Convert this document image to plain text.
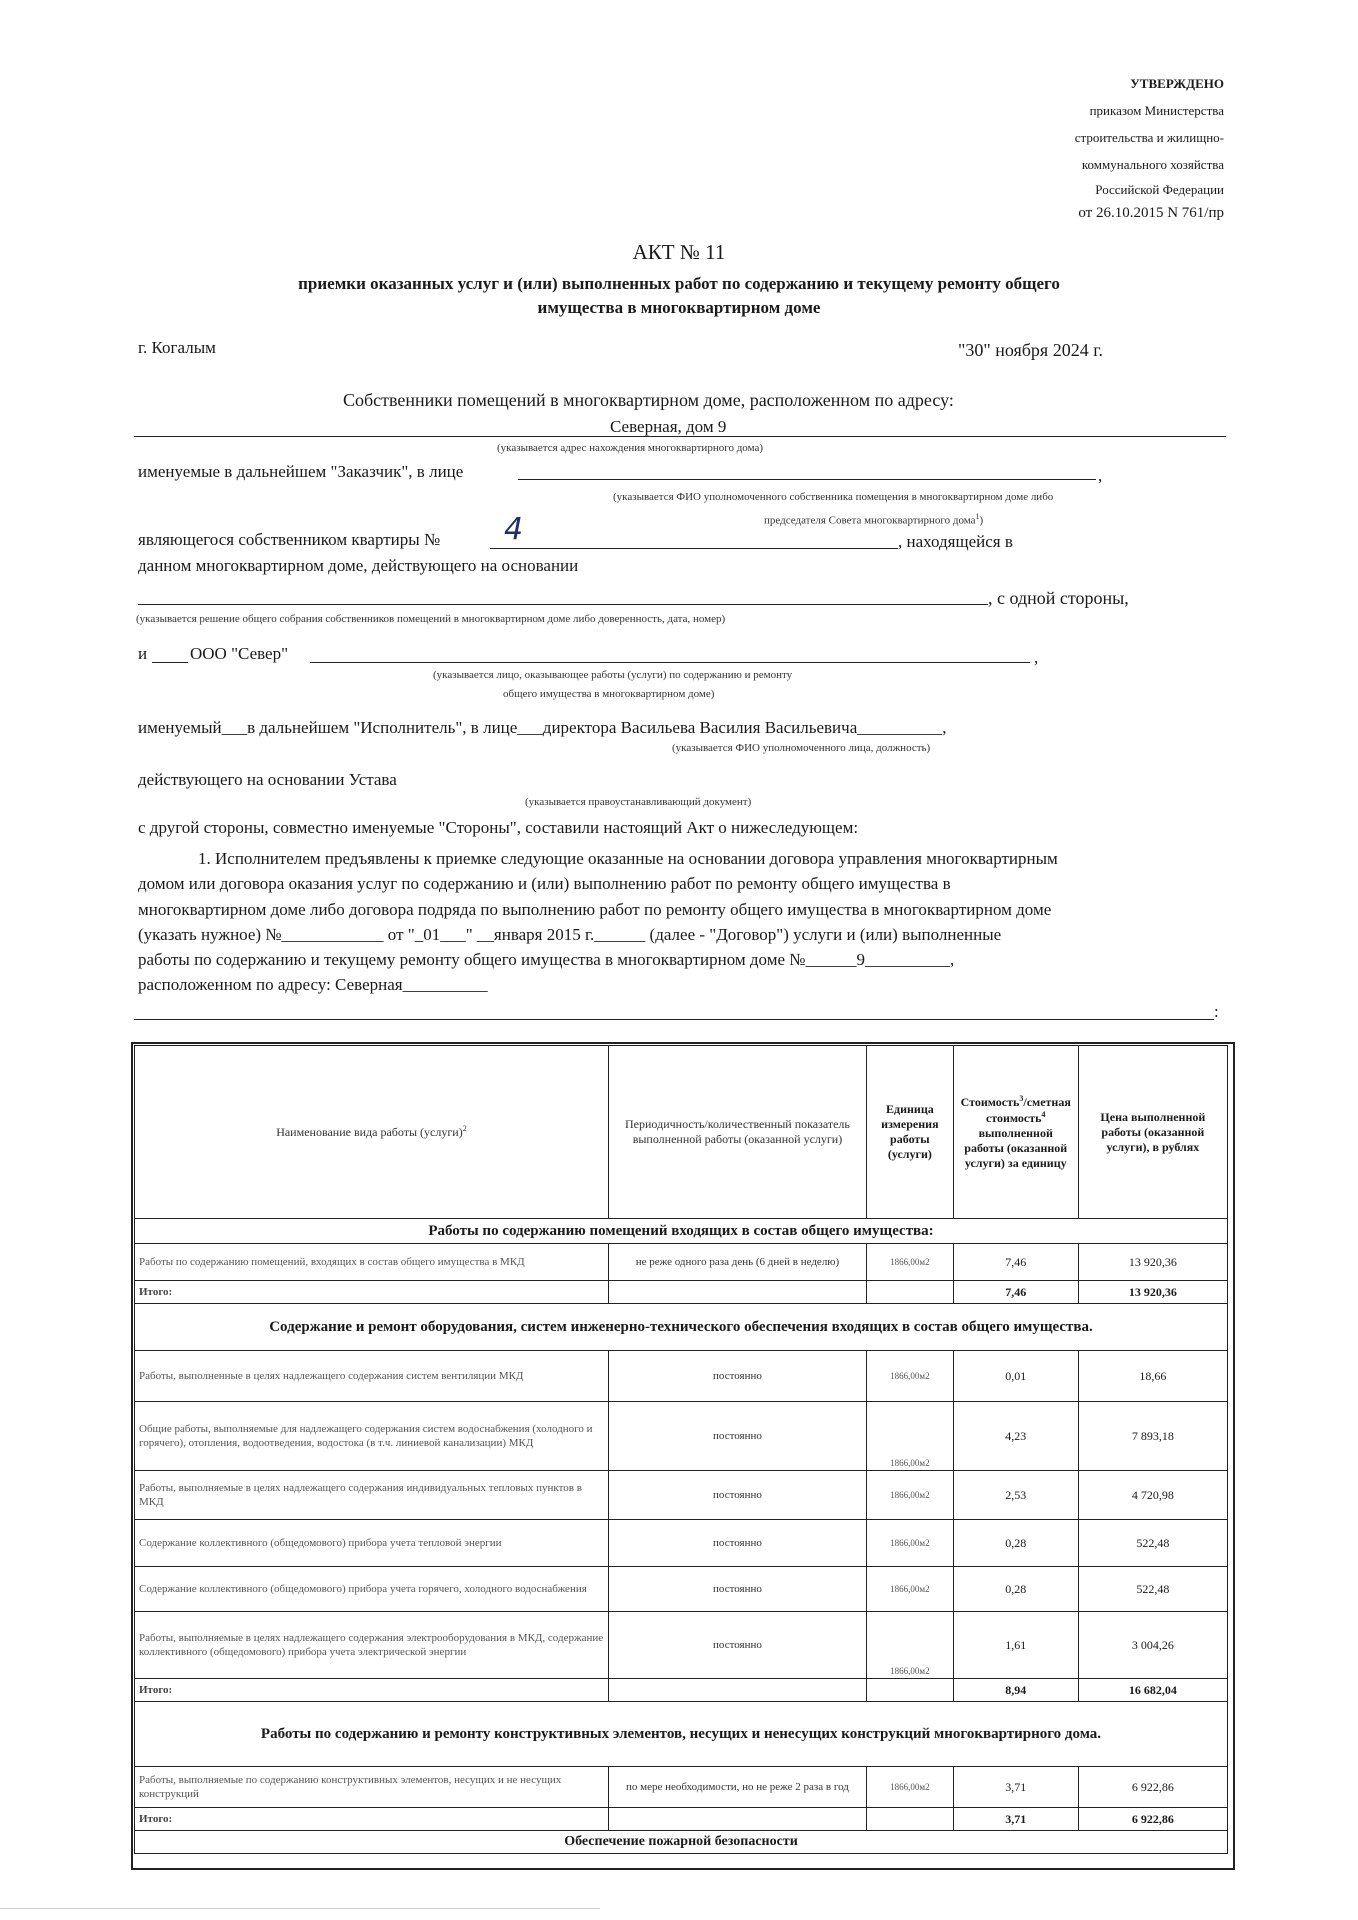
УТВЕРЖДЕНО
приказом Министерства
строительства и жилищно-
коммунального хозяйства
Российской Федерации
от 26.10.2015 N 761/пр
АКТ № 11
приемки оказанных услуг и (или) выполненных работ по содержанию и текущему ремонту общего
имущества в многоквартирном доме
г. Когалым	"30" ноября 2024 г.
Собственники помещений в многоквартирном доме, расположенном по адресу:
Северная, дом 9
(указывается адрес нахождения многоквартирного дома)
именуемые в дальнейшем "Заказчик", в лице	,
(указывается ФИО уполномоченного собственника помещения в многоквартирном доме либо
председателя Совета многоквартирного дома$^1$)
являющегося собственником квартиры № 4	, находящейся в
данном многоквартирном доме, действующего на основании
, с одной стороны,
(указывается решение общего собрания собственников помещений в многоквартирном доме либо доверенность, дата, номер)
и	ООО "Север"	,
(указывается лицо, оказывающее работы (услуги) по содержанию и ремонту
общего имущества в многоквартирном доме)
именуемый___в дальнейшем "Исполнитель", в лице___директора Васильева Василия Васильевича__________,
(указывается ФИО уполномоченного лица, должность)
действующего на основании Устава
(указывается правоустанавливающий документ)
с другой стороны, совместно именуемые "Стороны", составили настоящий Акт о нижеследующем:
1. Исполнителем предъявлены к приемке следующие оказанные на основании договора управления многоквартирным
домом или договора оказания услуг по содержанию и (или) выполнению работ по ремонту общего имущества в
многоквартирном доме либо договора подряда по выполнению работ по ремонту общего имущества в многоквартирном доме
(указать нужное) №____________ от "_01___" __января 2015 г.______ (далее - "Договор") услуги и (или) выполненные
работы по содержанию и текущему ремонту общего имущества в многоквартирном доме №______9__________,
расположенном по адресу: Северная__________
:
Наименование вида работы (услуги)$^2$	Периодичность/количественный показатель выполненной работы (оказанной услуги)	Единица измерения работы (услуги)	Стоимость$^3$/сметная стоимость$^4$ выполненной работы (оказанной услуги) за единицу	Цена выполненной работы (оказанной услуги), в рублях
Работы по содержанию помещений входящих в состав общего имущества:				
Работы по содержанию помещений, входящих в состав общего имущества в МКД	не реже одного раза день (6 дней в неделю)	1866,00м2	7,46	13 920,36
Итого:			7,46	13 920,36
Содержание и ремонт оборудования, систем инженерно-технического обеспечения входящих в состав общего имущества.				
Работы, выполненные в целях надлежащего содержания систем вентиляции МКД	постоянно	1866,00м2	0,01	18,66
Общие работы, выполняемые для надлежащего содержания систем водоснабжения (холодного и горячего), отопления, водоотведения, водостока (в т.ч. линиевой канализации) МКД	постоянно	1866,00м2	4,23	7 893,18
Работы, выполняемые в целях надлежащего содержания индивидуальных тепловых пунктов в МКД	постоянно	1866,00м2	2,53	4 720,98
Содержание коллективного (общедомового) прибора учета тепловой энергии	постоянно	1866,00м2	0,28	522,48
Содержание коллективного (общедомового) прибора учета горячего, холодного водоснабжения	постоянно	1866,00м2	0,28	522,48
Работы, выполняемые в целях надлежащего содержания электрооборудования в МКД, содержание коллективного (общедомового) прибора учета электрической энергии	постоянно	1866,00м2	1,61	3 004,26
Итого:			8,94	16 682,04
Работы по содержанию и ремонту конструктивных элементов, несущих и ненесущих конструкций многоквартирного дома.				
Работы, выполняемые по содержанию конструктивных элементов, несущих и не несущих конструкций	по мере необходимости, но не реже 2 раза в год	1866,00м2	3,71	6 922,86
Итого:			3,71	6 922,86
Обеспечение пожарной безопасности				
